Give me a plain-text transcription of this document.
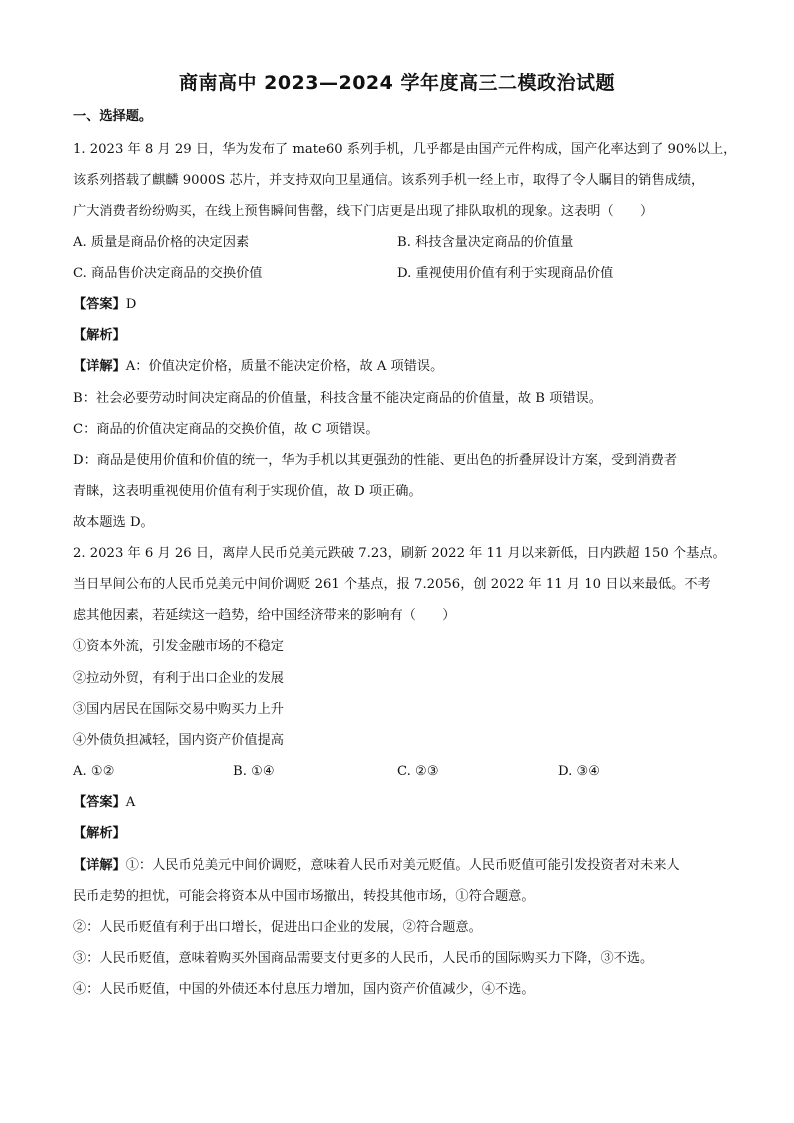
商南高中 2023—2024 学年度高三二模政治试题
一、选择题。
1. 2023 年 8 月 29 日，华为发布了 mate60 系列手机，几乎都是由国产元件构成，国产化率达到了 90%以上，
该系列搭载了麒麟 9000S 芯片，并支持双向卫星通信。该系列手机一经上市，取得了令人瞩目的销售成绩，
广大消费者纷纷购买，在线上预售瞬间售罄，线下门店更是出现了排队取机的现象。这表明（　　）
A. 质量是商品价格的决定因素	B. 科技含量决定商品的价值量
C. 商品售价决定商品的交换价值	D. 重视使用价值有利于实现商品价值
【答案】D
【解析】
【详解】A：价值决定价格，质量不能决定价格，故 A 项错误。
B：社会必要劳动时间决定商品的价值量，科技含量不能决定商品的价值量，故 B 项错误。
C：商品的价值决定商品的交换价值，故 C 项错误。
D：商品是使用价值和价值的统一，华为手机以其更强劲的性能、更出色的折叠屏设计方案，受到消费者
青睐，这表明重视使用价值有利于实现价值，故 D 项正确。
故本题选 D。
2. 2023 年 6 月 26 日，离岸人民币兑美元跌破 7.23，刷新 2022 年 11 月以来新低，日内跌超 150 个基点。
当日早间公布的人民币兑美元中间价调贬 261 个基点，报 7.2056，创 2022 年 11 月 10 日以来最低。不考
虑其他因素，若延续这一趋势，给中国经济带来的影响有（　　）
①资本外流，引发金融市场的不稳定
②拉动外贸，有利于出口企业的发展
③国内居民在国际交易中购买力上升
④外债负担减轻，国内资产价值提高
A. ①②	B. ①④	C. ②③	D. ③④
【答案】A
【解析】
【详解】①：人民币兑美元中间价调贬，意味着人民币对美元贬值。人民币贬值可能引发投资者对未来人
民币走势的担忧，可能会将资本从中国市场撤出，转投其他市场，①符合题意。
②：人民币贬值有利于出口增长，促进出口企业的发展，②符合题意。
③：人民币贬值，意味着购买外国商品需要支付更多的人民币，人民币的国际购买力下降，③不选。
④：人民币贬值，中国的外债还本付息压力增加，国内资产价值减少，④不选。
